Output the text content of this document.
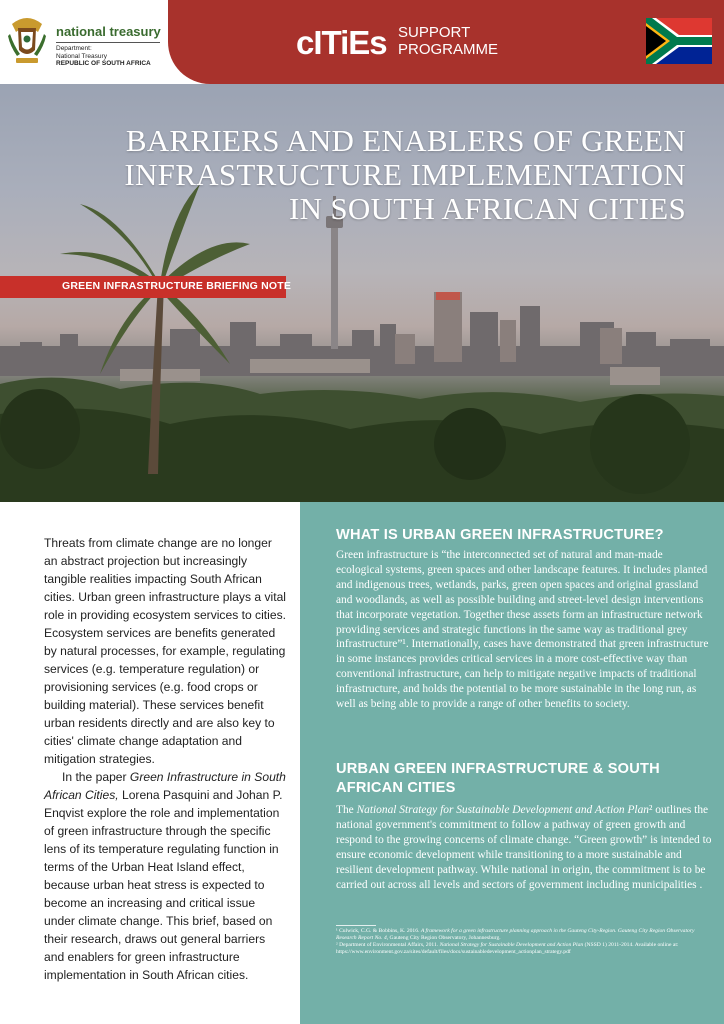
national treasury
Department:
National Treasury
REPUBLIC OF SOUTH AFRICA
cITiEs SUPPORT
PROGRAMME
BARRIERS AND ENABLERS OF GREEN
INFRASTRUCTURE IMPLEMENTATION
IN SOUTH AFRICAN CITIES
GREEN INFRASTRUCTURE BRIEFING NOTE

Threats from climate change are no longer an abstract projection but increasingly tangible realities impacting South African cities. Urban green infrastructure plays a vital role in providing ecosystem services to cities. Ecosystem services are benefits generated by natural processes, for example, regulating services (e.g. temperature regulation) or provisioning services (e.g. food crops or building material). These services benefit urban residents directly and are also key to cities' climate change adaptation and mitigation strategies.

In the paper Green Infrastructure in South African Cities, Lorena Pasquini and Johan P. Enqvist explore the role and implementation of green infrastructure through the specific lens of its temperature regulating function in terms of the Urban Heat Island effect, because urban heat stress is expected to become an increasing and critical issue under climate change. This brief, based on their research, draws out general barriers and enablers for green infrastructure implementation in South African cities.

WHAT IS URBAN GREEN INFRASTRUCTURE?

Green infrastructure is “the interconnected set of natural and man-made ecological systems, green spaces and other landscape features. It includes planted and indigenous trees, wetlands, parks, green open spaces and original grassland and woodlands, as well as possible building and street-level design interventions that incorporate vegetation. Together these assets form an infrastructure network providing services and strategic functions in the same way as traditional grey infrastructure”¹. Internationally, cases have demonstrated that green infrastructure in some instances provides critical services in a more cost-effective way than conventional infrastructure, can help to mitigate negative impacts of traditional infrastructure, and holds the potential to be more sustainable in the long run, as well as being able to provide a range of other benefits to society.

URBAN GREEN INFRASTRUCTURE & SOUTH
AFRICAN CITIES

The National Strategy for Sustainable Development and Action Plan² outlines the national government's commitment to follow a pathway of green growth and respond to the growing concerns of climate change. “Green growth” is intended to ensure economic development while transitioning to a more sustainable and resilient development pathway. While national in origin, the commitment is to be carried out across all levels and sectors of government including municipalities .

¹ Culwick, C.G. & Bobbins, K. 2016. A framework for a green infrastructure planning approach in the Gauteng City-Region. Gauteng City Region Observatory Research Report No. 4, Gauteng City Region Observatory, Johannesburg.

² Department of Environmental Affairs, 2011. National Strategy for Sustainable Development and Action Plan (NSSD 1) 2011-2014. Available online at: https://www.environment.gov.za/sites/default/files/docs/sustainabledevelopment_actionplan_strategy.pdf
